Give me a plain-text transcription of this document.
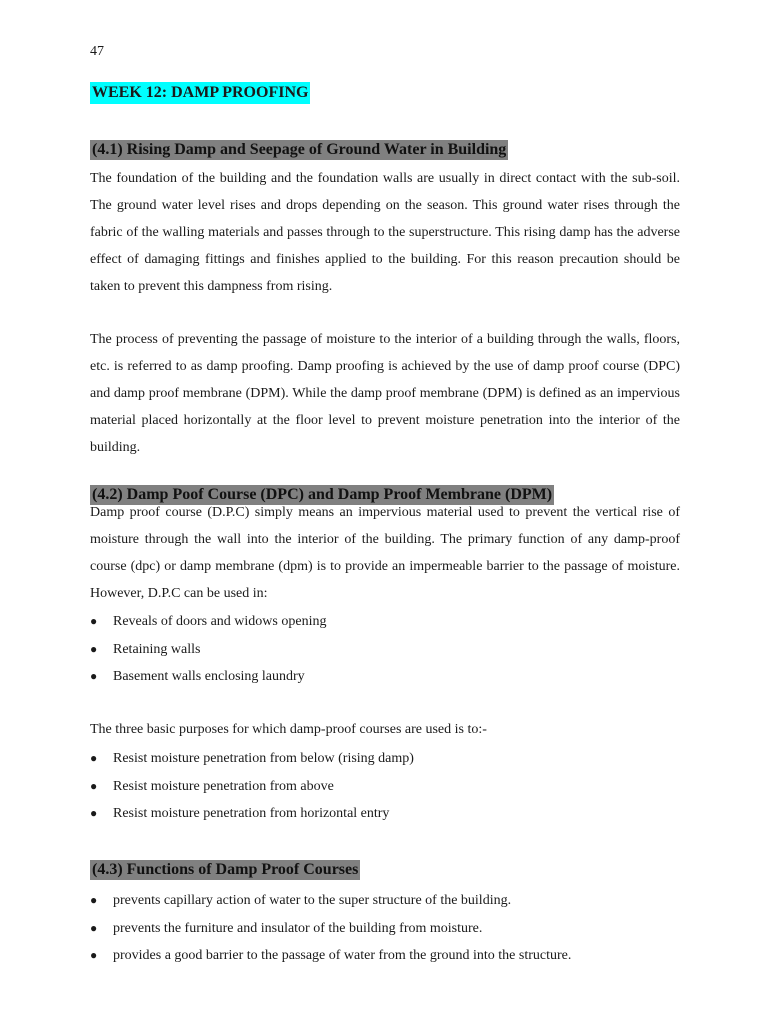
47
WEEK 12: DAMP PROOFING
(4.1) Rising Damp and Seepage of Ground Water in Building

The foundation of the building and the foundation walls are usually in direct contact with the sub-soil. The ground water level rises and drops depending on the season. This ground water rises through the fabric of the walling materials and passes through to the superstructure. This rising damp has the adverse effect of damaging fittings and finishes applied to the building. For this reason precaution should be taken to prevent this dampness from rising.

The process of preventing the passage of moisture to the interior of a building through the walls, floors, etc. is referred to as damp proofing. Damp proofing is achieved by the use of damp proof course (DPC) and damp proof membrane (DPM). While the damp proof membrane (DPM) is defined as an impervious material placed horizontally at the floor level to prevent moisture penetration into the interior of the building.

(4.2) Damp Poof Course (DPC) and Damp Proof Membrane (DPM)

Damp proof course (D.P.C) simply means an impervious material used to prevent the vertical rise of moisture through the wall into the interior of the building. The primary function of any damp-proof course (dpc) or damp membrane (dpm) is to provide an impermeable barrier to the passage of moisture. However, D.P.C can be used in:

● Reveals of doors and widows opening
● Retaining walls
● Basement walls enclosing laundry

The three basic purposes for which damp-proof courses are used is to:-

● Resist moisture penetration from below (rising damp)
● Resist moisture penetration from above
● Resist moisture penetration from horizontal entry
(4.3) Functions of Damp Proof Courses
● prevents capillary action of water to the super structure of the building.
● prevents the furniture and insulator of the building from moisture.
● provides a good barrier to the passage of water from the ground into the structure.
